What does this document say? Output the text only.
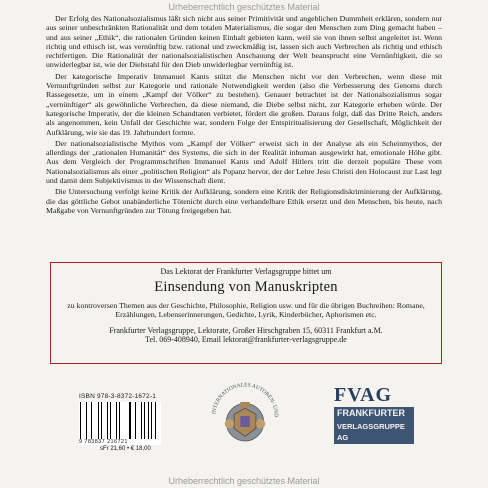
Urheberrechtlich geschütztes Material

Der Erfolg des Nationalsozialismus läßt sich nicht aus seiner Primitivität und angeblichen Dummheit erklären, sondern nur aus seiner unbeschränkten Rationalität und dem totalen Materialismus, die sogar den Menschen zum Ding gemacht haben – und aus seiner „Ethik“, die rationalen Gründen keinen Einhalt gebieten kann, weil sie von ihnen selbst angeleitet ist. Wenn richtig und ethisch ist, was vernünftig bzw. rational und zweckmäßig ist, lassen sich auch Verbrechen als richtig und ethisch rechtfertigen. Die Rationalität der nationalsozialistischen Anschauung der Welt beansprucht eine Vernünftigkeit, die so unwiderlegbar ist, wie der Diebstahl für den Dieb unwiderlegbar vernünftig ist.

Der kategorische Imperativ Immanuel Kants stützt die Menschen nicht vor den Verbrechen, wenn diese mit Vernunftgründen selbst zur Kategorie und rationale Notwendigkeit werden (also die Verbesserung des Genoms durch Rassegesetze, um in einem „Kampf der Völker“ zu bestehen). Genauer betrachtet ist der Nationalsozialismus sogar „vernünftiger“ als gewöhnliche Verbrechen, da diese niemand, die Diebe selbst nicht, zur Kategorie erheben würde. Der kategorische Imperativ, der die kleinen Schandtaten verbietet, fördert die großen. Daraus folgt, daß das Dritte Reich, anders als angenommen, kein Unfall der Geschichte war, sondern Folge der Entspiritualisierung der Gesellschaft, Möglichkeit der Aufklärung, wie sie das 19. Jahrhundert formte.

Der nationalsozialistische Mythos vom „Kampf der Völker“ erweist sich in der Analyse als ein Scheinmythos, der allerdings der „rationalen Humanität“ des Systems, die sich in der Realität inhuman ausgewirkt hat, emotionale Höhe gibt. Aus dem Vergleich der Programmschriften Immanuel Kants und Adolf Hitlers tritt die derzeit populäre These vom Nationalsozialismus als einer „politischen Religion“ als Popanz hervor, der der Lehre Jesu Christi den Holocaust zur Last legt und damit dem Subjektivismus in der Wissenschaft dient.

Die Untersuchung verfolgt keine Kritik der Aufklärung, sondern eine Kritik der Religionsdiskriminierung der Aufklärung, die das göttliche Gebot unabänderliche Tötenicht durch eine verhandelbare Ethik ersetzt und den Menschen, bis heute, nach Maßgabe von Vernunftgründen zur Tötung freigegeben hat.

Das Lektorat der Frankfurter Verlagsgruppe bittet um
Einsendung von Manuskripten
zu kontroversen Themen aus der Geschichte, Philosophie, Religion usw. und für die übrigen Buchreihen: Romane, Erzählungen, Lebenserinnerungen, Gedichte, Lyrik, Kinderbücher, Aphorismen etc.
Frankfurter Verlagsgruppe, Lektorate, Großer Hirschgraben 15, 60311 Frankfurt a.M.
Tel. 069-408940, Email lektorat@frankfurter-verlagsgruppe.de
ISBN 978-3-8372-1672-1
9 783837 216721
sFr 21,60 • € 18,00
INTERNATIONALES AUTOREN- UND
FVAG
FRANKFURTER
VERLAGSGRUPPE AG
Urheberrechtlich geschütztes Material
